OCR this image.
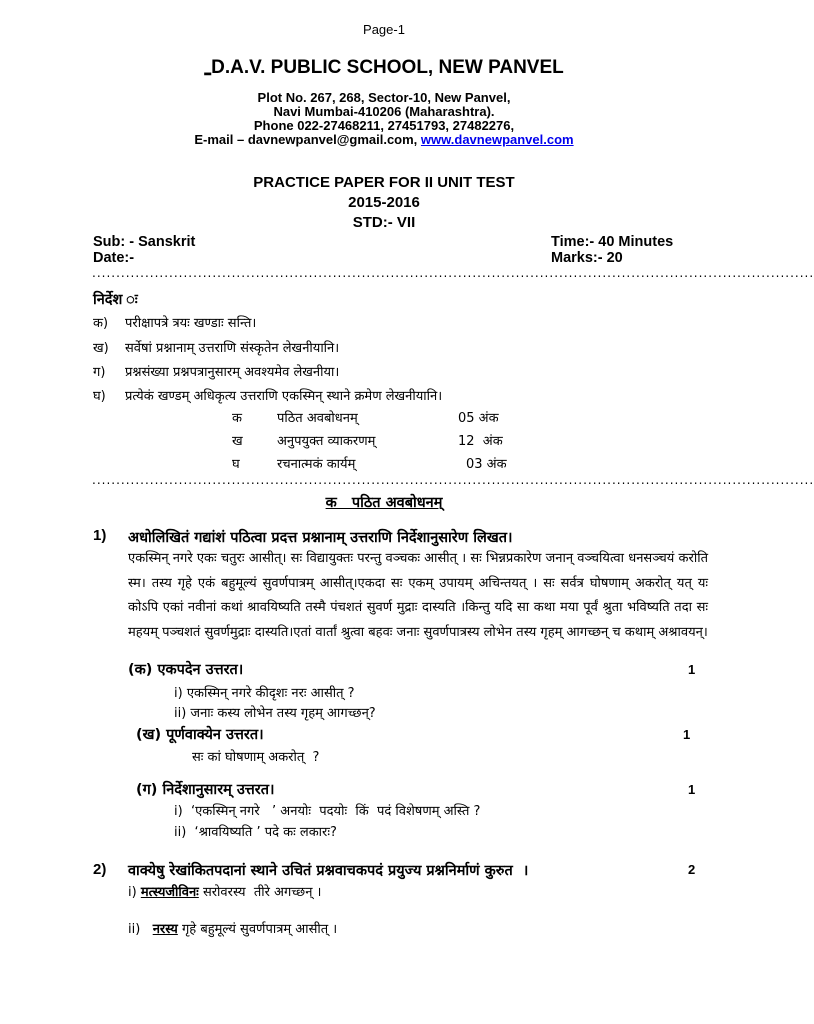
Page-1
▂D.A.V. PUBLIC SCHOOL, NEW PANVEL
Plot No. 267, 268, Sector-10, New Panvel,
Navi Mumbai-410206 (Maharashtra).
Phone 022-27468211, 27451793, 27482276,
E-mail – davnewpanvel@gmail.com, www.davnewpanvel.com
PRACTICE PAPER FOR II UNIT TEST
2015-2016
STD:- VII
Sub: - Sanskrit
Date:-
Time:- 40 Minutes
Marks:- 20
......................................................................................................................................................
निर्देश ः
क) परीक्षापत्रे त्रयः खण्डाः सन्ति।
ख) सर्वेषां प्रश्नानाम् उत्तराणि संस्कृतेन लेखनीयानि।
ग) प्रश्नसंख्या प्रश्नपत्रानुसारम् अवश्यमेव लेखनीया।
घ) प्रत्येकं खण्डम् अधिकृत्य उत्तराणि एकस्मिन् स्थाने क्रमेण लेखनीयानि।
क	पठित अवबोधनम्	05 अंक
ख	अनुपयुक्त व्याकरणम्	12  अंक
घ	रचनात्मकं कार्यम्	03 अंक
......................................................................................................................................................
क   पठित अवबोधनम्
1) अधोलिखितं गद्यांशं पठित्वा प्रदत्त प्रश्नानाम् उत्तराणि निर्देशानुसारेण लिखत।
एकस्मिन् नगरे एकः चतुरः आसीत्। सः विद्यायुक्तः परन्तु वञ्चकः आसीत् । सः भिन्नप्रकारेण जनान् वञ्चयित्वा धनसञ्चयं करोति स्म। तस्य गृहे एकं बहुमूल्यं सुवर्णपात्रम् आसीत्।एकदा सः एकम् उपायम् अचिन्तयत् । सः सर्वत्र घोषणाम् अकरोत् यत् यः कोऽपि एकां नवीनां कथां श्रावयिष्यति तस्मै पंचशतं सुवर्ण मुद्राः दास्यति ।किन्तु यदि सा कथा मया पूर्वं श्रुता भविष्यति तदा सः महयम् पञ्चशतं सुवर्णमुद्राः दास्यति।एतां वार्तां श्रुत्वा बहवः जनाः सुवर्णपात्रस्य लोभेन तस्य गृहम् आगच्छन् च कथाम् अश्रावयन्।
(क) एकपदेन उत्तरत।	1
i) एकस्मिन् नगरे कीदृशः नरः आसीत् ?
ii) जनाः कस्य लोभेन तस्य गृहम् आगच्छन्?
(ख) पूर्णवाक्येन उत्तरत।	1
सः कां घोषणाम् अकरोत्  ?
(ग) निर्देशानुसारम् उत्तरत।	1
i)  ‘एकस्मिन् नगरे   ’ अनयोः  पदयोः  किं  पदं विशेषणम् अस्ति ?
ii)  ‘श्रावयिष्यति ’ पदे कः लकारः?
2) वाक्येषु रेखांकितपदानां स्थाने उचितं प्रश्नवाचकपदं प्रयुज्य प्रश्ननिर्माणं कुरुत  ।	2
i) मत्स्यजीविनः सरोवरस्य  तीरे अगच्छन् ।
ii) नरस्य गृहे बहुमूल्यं सुवर्णपात्रम् आसीत् ।
